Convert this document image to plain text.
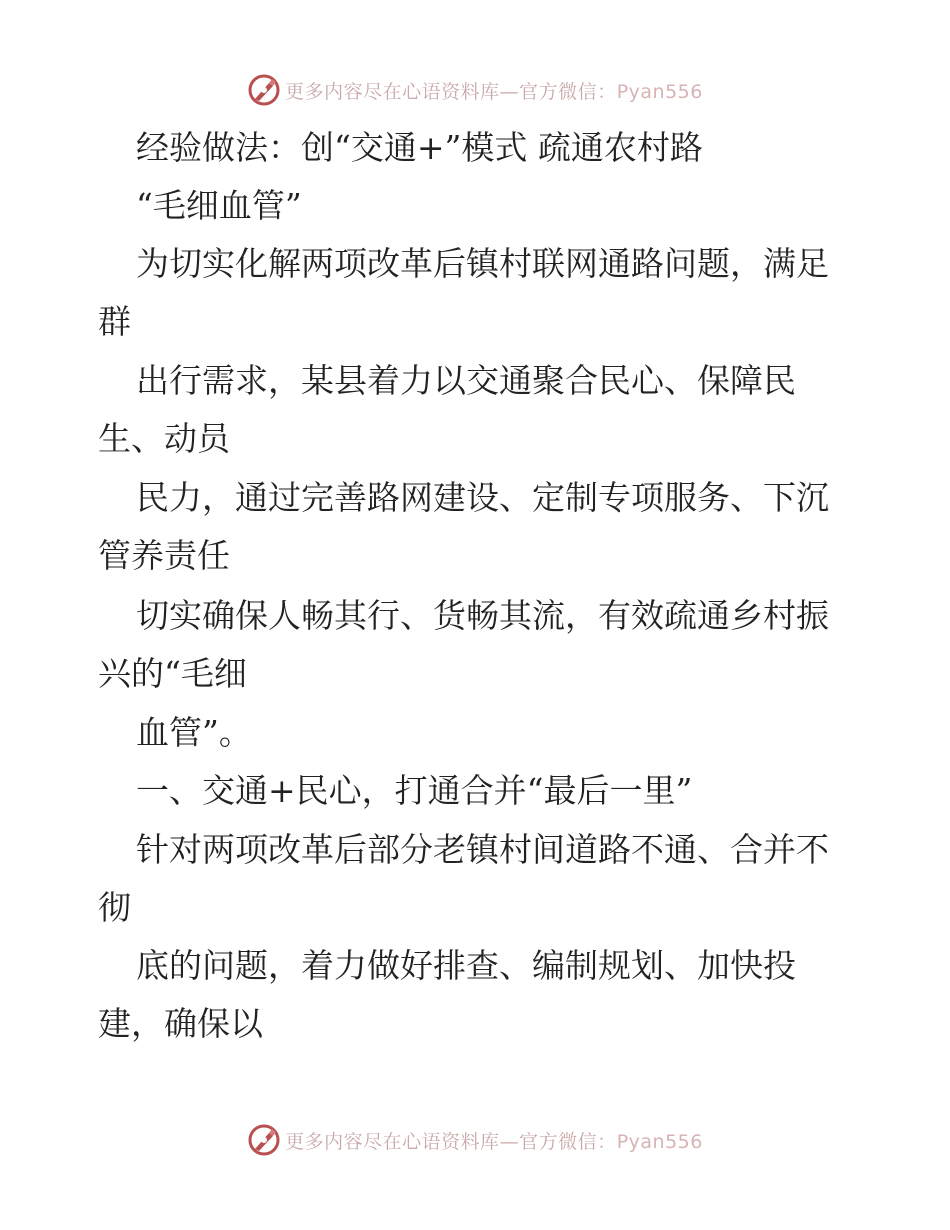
更多内容尽在心语资料库—官方微信：Pyan556
经验做法：创“交通+”模式 疏通农村路
“毛细血管”
为切实化解两项改革后镇村联网通路问题，满足
群
出行需求，某县着力以交通聚合民心、保障民
生、动员
民力，通过完善路网建设、定制专项服务、下沉
管养责任
切实确保人畅其行、货畅其流，有效疏通乡村振
兴的“毛细
血管”。
一、交通+民心，打通合并“最后一里”
针对两项改革后部分老镇村间道路不通、合并不
彻
底的问题，着力做好排查、编制规划、加快投
建，确保以
更多内容尽在心语资料库—官方微信：Pyan556
